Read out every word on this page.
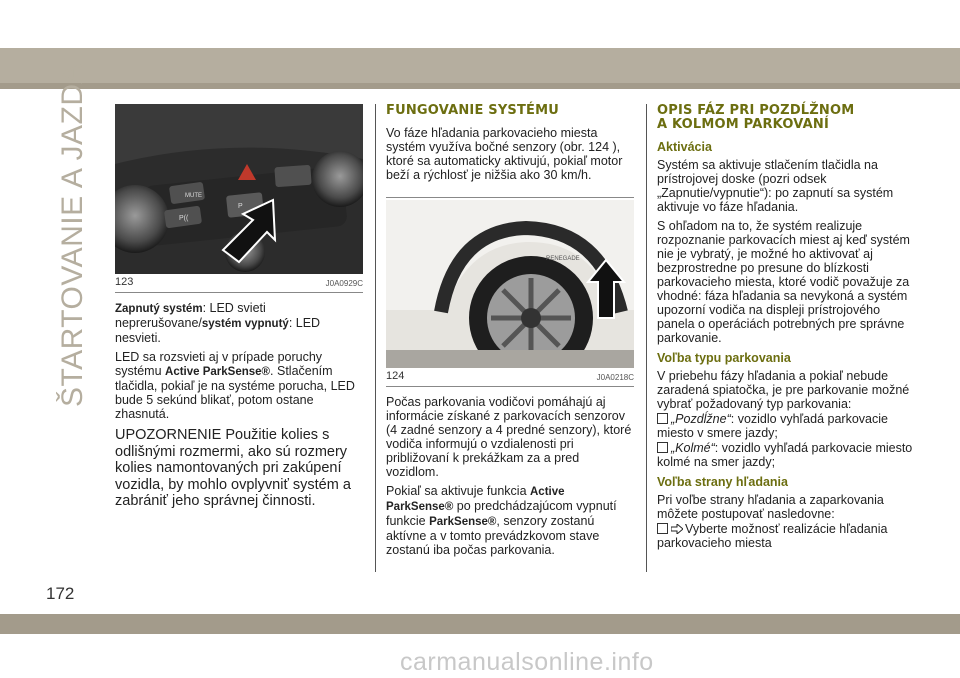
ŠTARTOVANIE A JAZDA	MUTE
P((
P
123	J0A0929C

Zapnutý systém: LED svieti neprerušovane/systém vypnutý: LED nesvieti.

LED sa rozsvieti aj v prípade poruchy systému Active ParkSense®. Stlačením tlačidla, pokiaľ je na systéme porucha, LED bude 5 sekúnd blikať, potom ostane zhasnutá.

UPOZORNENIE Použitie kolies s odlišnými rozmermi, ako sú rozmery kolies namontovaných pri zakúpení vozidla, by mohlo ovplyvniť systém a zabrániť jeho správnej činnosti.

FUNGOVANIE SYSTÉMU

Vo fáze hľadania parkovacieho miesta systém využíva bočné senzory (obr. 124 ), ktoré sa automaticky aktivujú, pokiaľ motor beží a rýchlosť je nižšia ako 30 km/h.

RENEGADE
124	J0A0218C

Počas parkovania vodičovi pomáhajú aj informácie získané z parkovacích senzorov (4 zadné senzory a 4 predné senzory), ktoré vodiča informujú o vzdialenosti pri približovaní k prekážkam za a pred vozidlom.

Pokiaľ sa aktivuje funkcia Active ParkSense® po predchádzajúcom vypnutí funkcie ParkSense®, senzory zostanú aktívne a v tomto prevádzkovom stave zostanú iba počas parkovania.

OPIS FÁZ PRI POZDĹŽNOM
A KOLMOM PARKOVANÍ
Aktivácia

Systém sa aktivuje stlačením tlačidla na prístrojovej doske (pozri odsek „Zapnutie/vypnutie“): po zapnutí sa systém aktivuje vo fáze hľadania.

S ohľadom na to, že systém realizuje rozpoznanie parkovacích miest aj keď systém nie je vybratý, je možné ho aktivovať aj bezprostredne po presune do blízkosti parkovacieho miesta, ktoré vodič považuje za vhodné: fáza hľadania sa nevykoná a systém upozorní vodiča na displeji prístrojového panela o operáciách potrebných pre správne parkovanie.

Voľba typu parkovania

V priebehu fázy hľadania a pokiaľ nebude zaradená spiatočka, je pre parkovanie možné vybrať požadovaný typ parkovania:

„Pozdĺžne“: vozidlo vyhľadá parkovacie miesto v smere jazdy;

„Kolmé“: vozidlo vyhľadá parkovacie miesto kolmé na smer jazdy;

Voľba strany hľadania

Pri voľbe strany hľadania a zaparkovania môžete postupovať nasledovne:

Vyberte možnosť realizácie hľadania parkovacieho miesta

172
carmanualsonline.info
